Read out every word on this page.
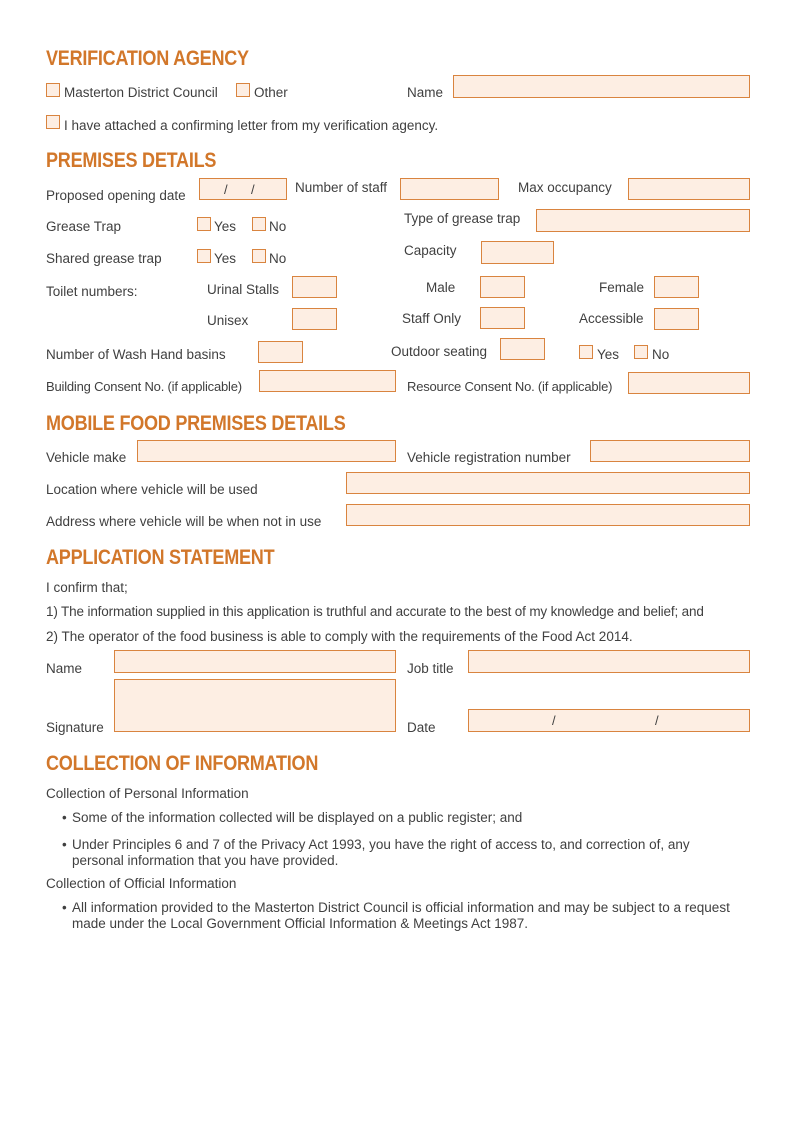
VERIFICATION AGENCY
Masterton District Council	Other	Name
I have attached a confirming letter from my verification agency.
PREMISES DETAILS
Proposed opening date	/ /	Number of staff	Max occupancy
Grease Trap	Yes No
Type of grease trap
Shared grease trap	Yes No
Capacity
Toilet numbers:	Urinal Stalls	Male	Female
Unisex	Staff Only	Accessible
Number of Wash Hand basins	Outdoor seating	Yes No
Building Consent No. (if applicable)	Resource Consent No. (if applicable)
MOBILE FOOD PREMISES DETAILS
Vehicle make	Vehicle registration number
Location where vehicle will be used
Address where vehicle will be when not in use
APPLICATION STATEMENT
I confirm that;
1) The information supplied in this application is truthful and accurate to the best of my knowledge and belief; and
2) The operator of the food business is able to comply with the requirements of the Food Act 2014.
Name	Job title
Signature	Date	/	/
COLLECTION OF INFORMATION
Collection of Personal Information
• Some of the information collected will be displayed on a public register; and
• Under Principles 6 and 7 of the Privacy Act 1993, you have the right of access to, and correction of, any personal information that you have provided.
Collection of Official Information
• All information provided to the Masterton District Council is official information and may be subject to a request made under the Local Government Official Information & Meetings Act 1987.
